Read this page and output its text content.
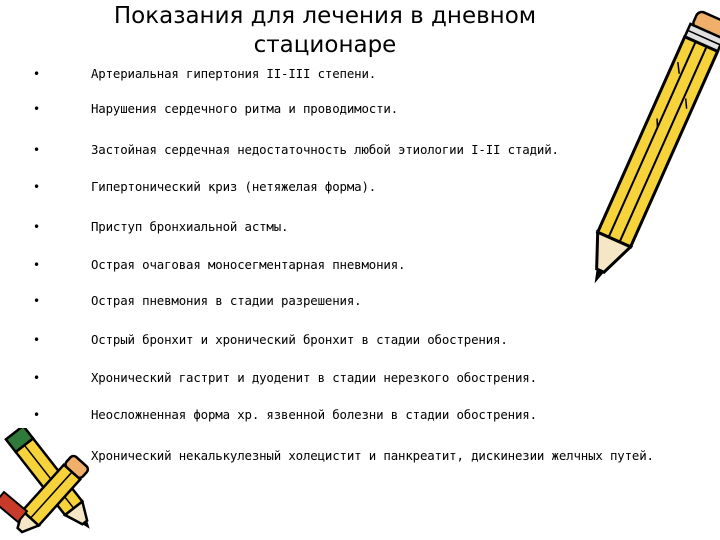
Показания для лечения в дневном стационаре
•	Артериальная гипертония II-III степени.
•	Нарушения сердечного ритма и проводимости.
•	Застойная сердечная недостаточность любой этиологии I-II стадий.
•	Гипертонический криз (нетяжелая форма).
•	Приступ бронхиальной астмы.
•	Острая очаговая моносегментарная пневмония.
•	Острая пневмония в стадии разрешения.
•	Острый бронхит и хронический бронхит в стадии обострения.
•	Хронический гастрит и дуоденит в стадии нерезкого обострения.
•	Неосложненная форма хр. язвенной болезни в стадии обострения.
Хронический некалькулезный холецистит и панкреатит, дискинезии желчных путей.
